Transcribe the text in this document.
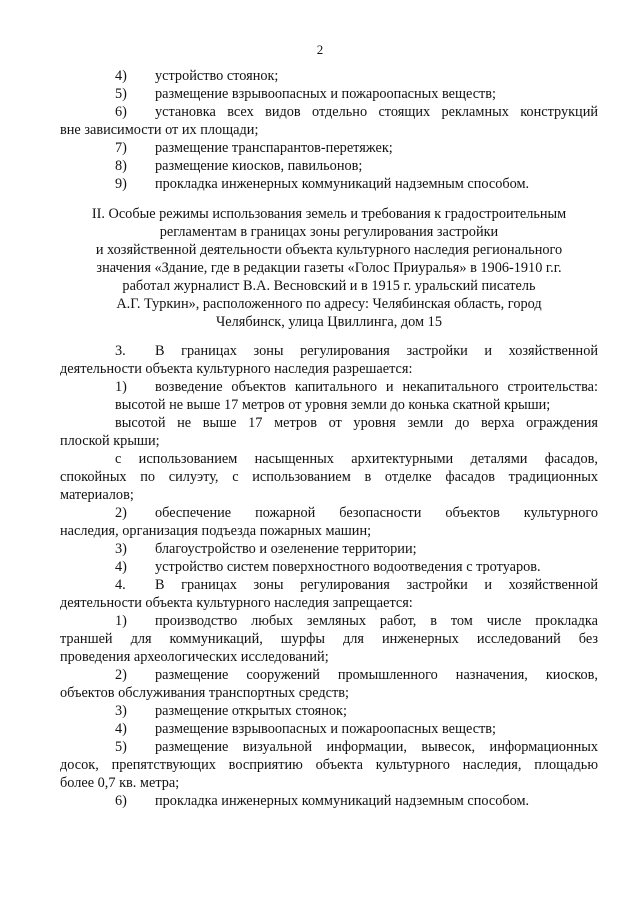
2
4) устройство стоянок;
5) размещение взрывоопасных и пожароопасных веществ;
6) установка всех видов отдельно стоящих рекламных конструкций
вне зависимости от их площади;
7) размещение транспарантов-перетяжек;
8) размещение киосков, павильонов;
9) прокладка инженерных коммуникаций надземным способом.
II. Особые режимы использования земель и требования к градостроительным
регламентам в границах зоны регулирования застройки
и хозяйственной деятельности объекта культурного наследия регионального
значения «Здание, где в редакции газеты «Голос Приуралья» в 1906-1910 г.г.
работал журналист В.А. Весновский и в 1915 г. уральский писатель
А.Г. Туркин», расположенного по адресу: Челябинская область, город
Челябинск, улица Цвиллинга, дом 15
3. В границах зоны регулирования застройки и хозяйственной
деятельности объекта культурного наследия разрешается:
1) возведение объектов капитального и некапитального строительства:
высотой не выше 17 метров от уровня земли до конька скатной крыши;
высотой не выше 17 метров от уровня земли до верха ограждения
плоской крыши;
с использованием насыщенных архитектурными деталями фасадов,
спокойных по силуэту, с использованием в отделке фасадов традиционных
материалов;
2) обеспечение пожарной безопасности объектов культурного
наследия, организация подъезда пожарных машин;
3) благоустройство и озеленение территории;
4) устройство систем поверхностного водоотведения с тротуаров.
4. В границах зоны регулирования застройки и хозяйственной
деятельности объекта культурного наследия запрещается:
1) производство любых земляных работ, в том числе прокладка
траншей для коммуникаций, шурфы для инженерных исследований без
проведения археологических исследований;
2) размещение сооружений промышленного назначения, киосков,
объектов обслуживания транспортных средств;
3) размещение открытых стоянок;
4) размещение взрывоопасных и пожароопасных веществ;
5) размещение визуальной информации, вывесок, информационных
досок, препятствующих восприятию объекта культурного наследия, площадью
более 0,7 кв. метра;
6) прокладка инженерных коммуникаций надземным способом.
